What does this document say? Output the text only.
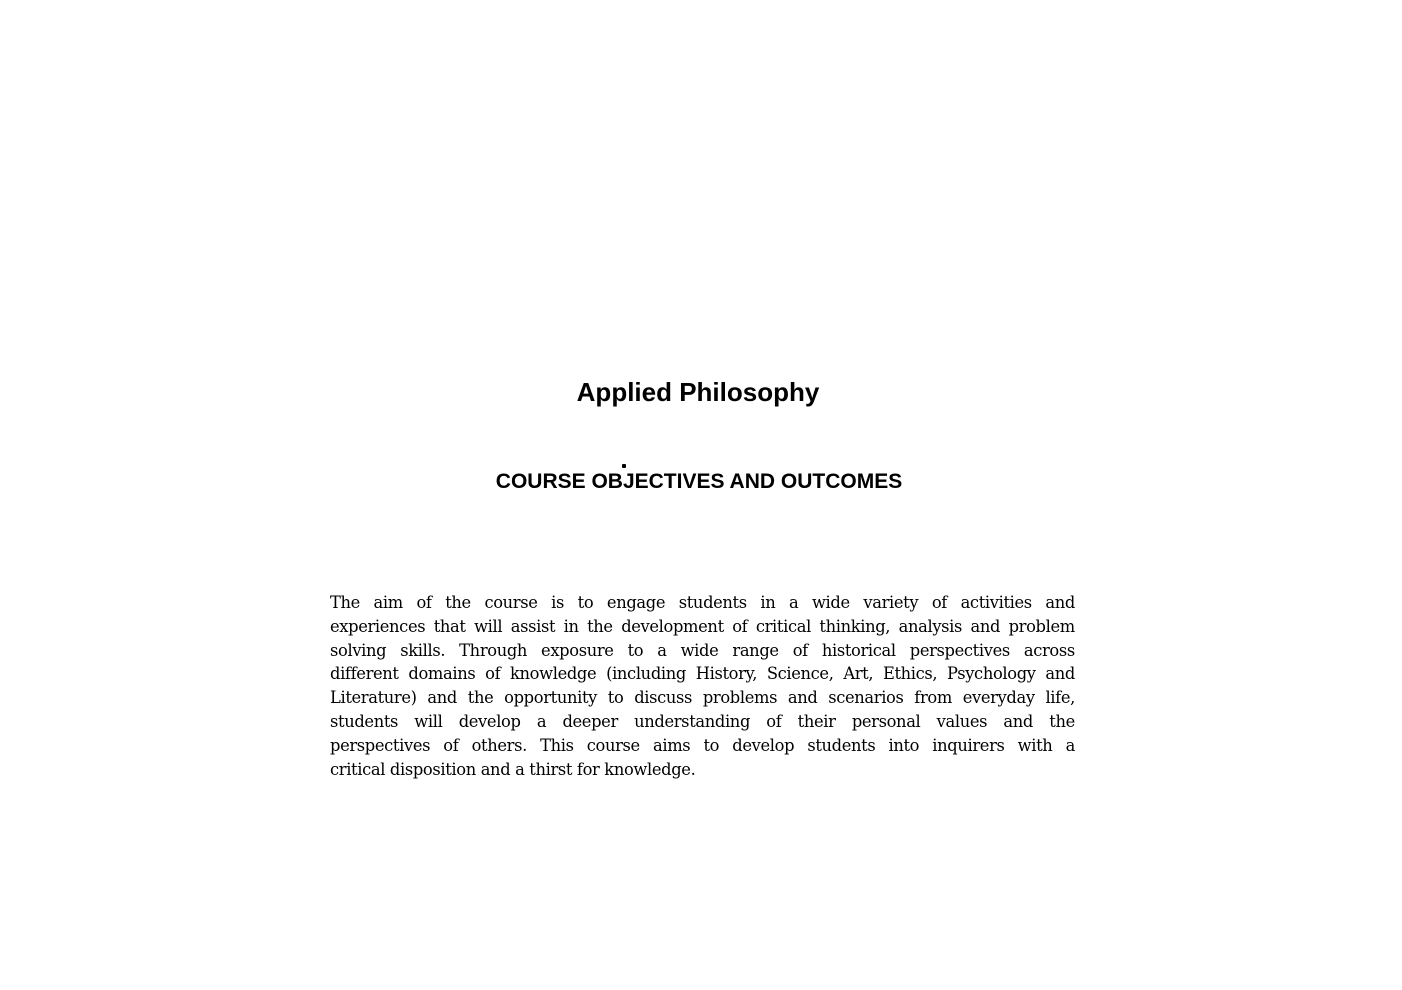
Applied Philosophy
COURSE OBJECTIVES AND OUTCOMES
The aim of the course is to engage students in a wide variety of activities and
experiences that will assist in the development of critical thinking, analysis and problem
solving skills. Through exposure to a wide range of historical perspectives across
different domains of knowledge (including History, Science, Art, Ethics, Psychology and
Literature) and the opportunity to discuss problems and scenarios from everyday life,
students will develop a deeper understanding of their personal values and the
perspectives of others. This course aims to develop students into inquirers with a
critical disposition and a thirst for knowledge.
